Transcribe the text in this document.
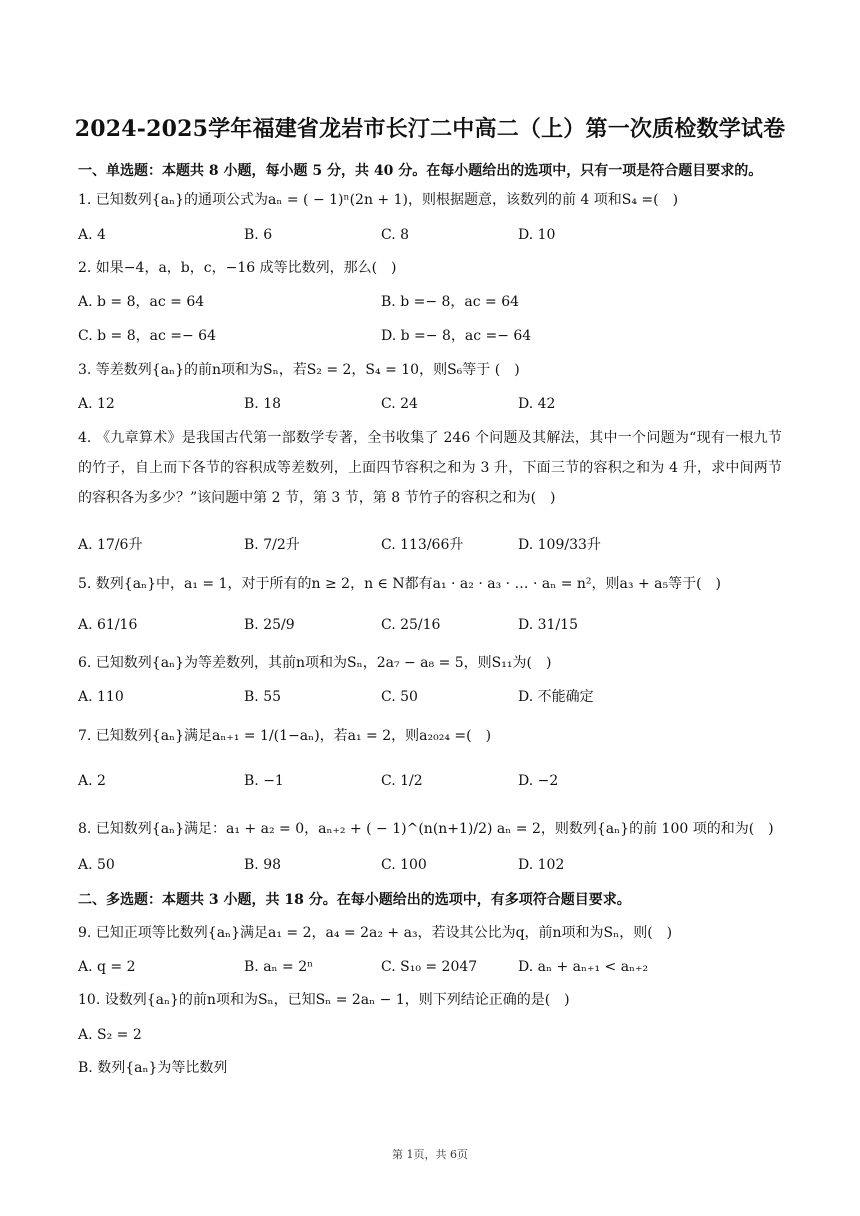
2024-2025学年福建省龙岩市长汀二中高二（上）第一次质检数学试卷
一、单选题：本题共 8 小题，每小题 5 分，共 40 分。在每小题给出的选项中，只有一项是符合题目要求的。
1. 已知数列{aₙ}的通项公式为aₙ = ( − 1)ⁿ(2n + 1)，则根据题意，该数列的前 4 项和S₄ =(　)
A. 4	B. 6	C. 8	D. 10
2. 如果−4，a，b，c，−16 成等比数列，那么(　)
A. b = 8，ac = 64	B. b =− 8，ac = 64
C. b = 8，ac =− 64	D. b =− 8，ac =− 64
3. 等差数列{aₙ}的前n项和为Sₙ，若S₂ = 2，S₄ = 10，则S₆等于 (　)
A. 12	B. 18	C. 24	D. 42
4. 《九章算术》是我国古代第一部数学专著，全书收集了 246 个问题及其解法，其中一个问题为“现有一根九节的竹子，自上而下各节的容积成等差数列，上面四节容积之和为 3 升，下面三节的容积之和为 4 升，求中间两节的容积各为多少？”该问题中第 2 节，第 3 节，第 8 节竹子的容积之和为(　)
A. 17/6升	B. 7/2升	C. 113/66升	D. 109/33升
5. 数列{aₙ}中，a₁ = 1，对于所有的n ≥ 2，n ∈ N都有a₁ · a₂ · a₃ · … · aₙ = n²，则a₃ + a₅等于(　)
A. 61/16	B. 25/9	C. 25/16	D. 31/15
6. 已知数列{aₙ}为等差数列，其前n项和为Sₙ，2a₇ − a₈ = 5，则S₁₁为(　)
A. 110	B. 55	C. 50	D. 不能确定
7. 已知数列{aₙ}满足aₙ₊₁ = 1/(1−aₙ)，若a₁ = 2，则a₂₀₂₄ =(　)
A. 2	B. −1	C. 1/2	D. −2
8. 已知数列{aₙ}满足：a₁ + a₂ = 0，aₙ₊₂ + ( − 1)^(n(n+1)/2) aₙ = 2，则数列{aₙ}的前 100 项的和为(　)
A. 50	B. 98	C. 100	D. 102
二、多选题：本题共 3 小题，共 18 分。在每小题给出的选项中，有多项符合题目要求。
9. 已知正项等比数列{aₙ}满足a₁ = 2，a₄ = 2a₂ + a₃，若设其公比为q，前n项和为Sₙ，则(　)
A. q = 2	B. aₙ = 2ⁿ	C. S₁₀ = 2047	D. aₙ + aₙ₊₁ < aₙ₊₂
10. 设数列{aₙ}的前n项和为Sₙ，已知Sₙ = 2aₙ − 1，则下列结论正确的是(　)
A. S₂ = 2
B. 数列{aₙ}为等比数列
第 1页，共 6页
